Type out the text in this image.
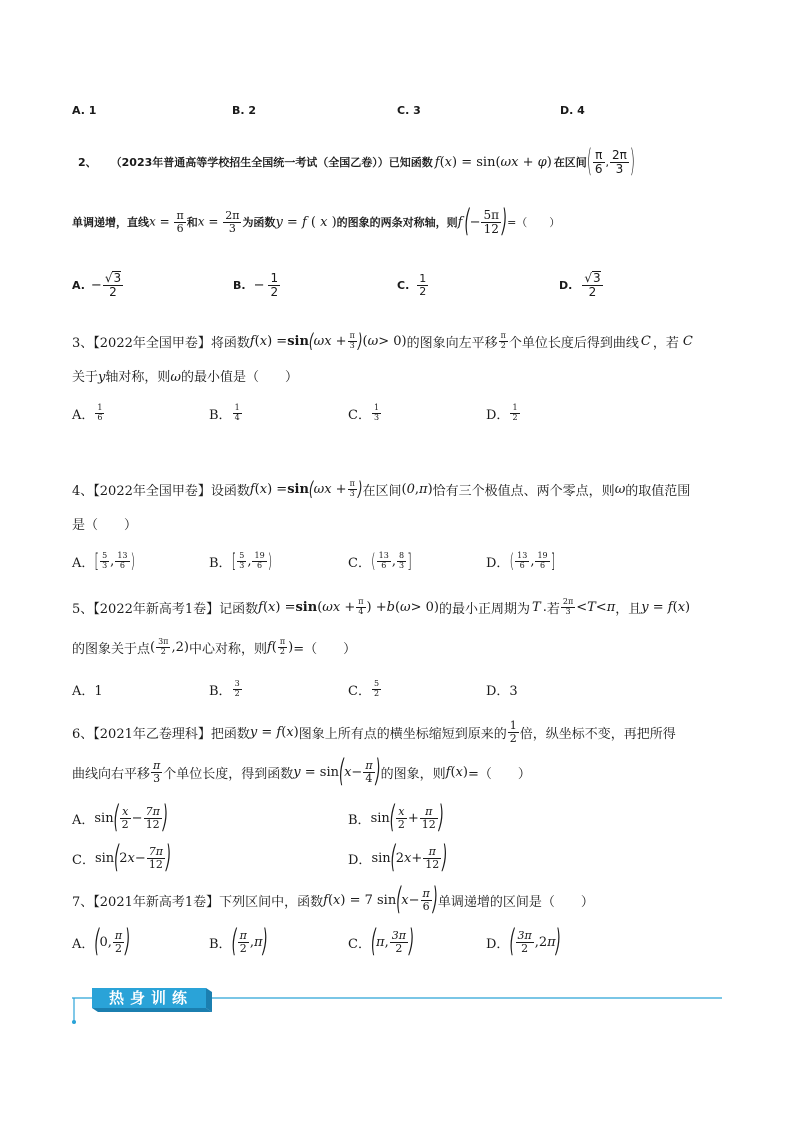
A. 1	B. 2	C. 3	D. 4
2、 （2023年普通高等学校招生全国统一考试（全国乙卷））已知函数 f(x) = sin(ωx + φ) 在区间 ( $\frac{\pi}{6}$ , $\frac{2\pi}{3}$ )
单调递增，直线 $x = \frac{\pi}{6}$ 和 $x = \frac{2\pi}{3}$ 为函数 y = f ( x ) 的图象的两条对称轴，则 f ( − $\frac{5\pi}{12}$ ) =（　　）
A. − $\frac{√3}{2}$	B. − $\frac{1}{2}$	C. $\frac{1}{2}$	D. $\frac{√3}{2}$
3、【2022年全国甲卷】将函数 f ( x ) = sin ( $\omega x + \frac{\pi}{3}$ ) ( ω > 0) 的图象向左平移 $\frac{\pi}{2}$ 个单位长度后得到曲线 C ，若 C
关于y轴对称，则ω的最小值是（　　）
A． $\frac{1}{6}$	B． $\frac{1}{4}$	C． $\frac{1}{3}$	D． $\frac{1}{2}$
4、【2022年全国甲卷】设函数 f ( x ) = sin ( $\omega x + \frac{\pi}{3}$ ) 在区间 (0,π) 恰有三个极值点、两个零点，则 ω 的取值范围
是（　　）
A． [ $\frac{5}{3}$ , $\frac{13}{6}$ )	B． [ $\frac{5}{3}$ , $\frac{19}{6}$ )	C． ( $\frac{13}{6}$ , $\frac{8}{3}$ ]	D． ( $\frac{13}{6}$ , $\frac{19}{6}$ ]
5、【2022年新高考1卷】记函数 f ( x ) = sin ( $\omega x + \frac{\pi}{4}$ ) + b ( ω > 0) 的最小正周期为 T . 若 $\frac{2\pi}{3} < T < \pi$ ， 且 y = f(x)
的图象关于点 ( $\frac{3\pi}{2} ,2$) 中心对称，则 f ( $\frac{\pi}{2}$ ) =（　　）
A．1	B． $\frac{3}{2}$	C． $\frac{5}{2}$	D．3
6、【2021年乙卷理科】把函数 y = f(x) 图象上所有点的横坐标缩短到原来的 $\frac{1}{2}$ 倍，纵坐标不变，再把所得
曲线向右平移 $\frac{\pi}{3}$ 个单位长度，得到函数 y = sin ( $x - \frac{\pi}{4}$ ) 的图象，则 f(x) =（　　）
A． sin ( $\frac{x}{2} - \frac{7\pi}{12}$ )	B． sin ( $\frac{x}{2} + \frac{\pi}{12}$ )
C． sin ( 2 $x - \frac{7\pi}{12}$ )	D． sin ( 2 $x + \frac{\pi}{12}$ )
7、【2021年新高考1卷】下列区间中，函数 f ( x ) = 7 sin ( $x - \frac{\pi}{6}$ ) 单调递增的区间是（　　）
A． ( 0, $\frac{\pi}{2}$ )	B． ( $\frac{\pi}{2}$ , π )	C． ( π , $\frac{3\pi}{2}$ )	D． ( $\frac{3\pi}{2} ,2$ π )
热身训练
